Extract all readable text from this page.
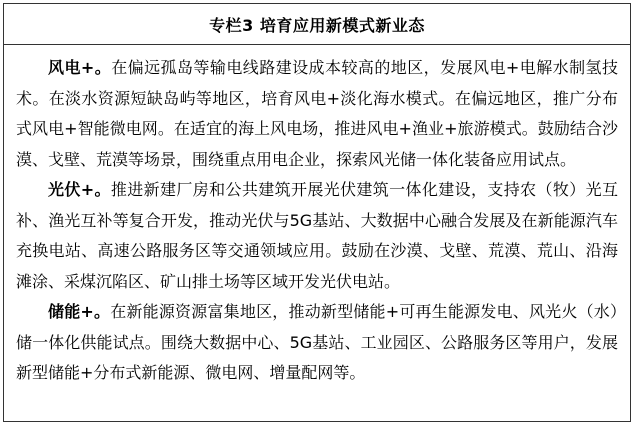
专栏3 培育应用新模式新业态

风电+。在偏远孤岛等输电线路建设成本较高的地区，发展风电+电解水制氢技术。在淡水资源短缺岛屿等地区，培育风电+淡化海水模式。在偏远地区，推广分布式风电+智能微电网。在适宜的海上风电场，推进风电+渔业+旅游模式。鼓励结合沙漠、戈壁、荒漠等场景，围绕重点用电企业，探索风光储一体化装备应用试点。

光伏+。推进新建厂房和公共建筑开展光伏建筑一体化建设，支持农（牧）光互补、渔光互补等复合开发，推动光伏与5G基站、大数据中心融合发展及在新能源汽车充换电站、高速公路服务区等交通领域应用。鼓励在沙漠、戈壁、荒漠、荒山、沿海滩涂、采煤沉陷区、矿山排土场等区域开发光伏电站。

储能+。在新能源资源富集地区，推动新型储能+可再生能源发电、风光火（水）储一体化供能试点。围绕大数据中心、5G基站、工业园区、公路服务区等用户，发展新型储能+分布式新能源、微电网、增量配网等。
